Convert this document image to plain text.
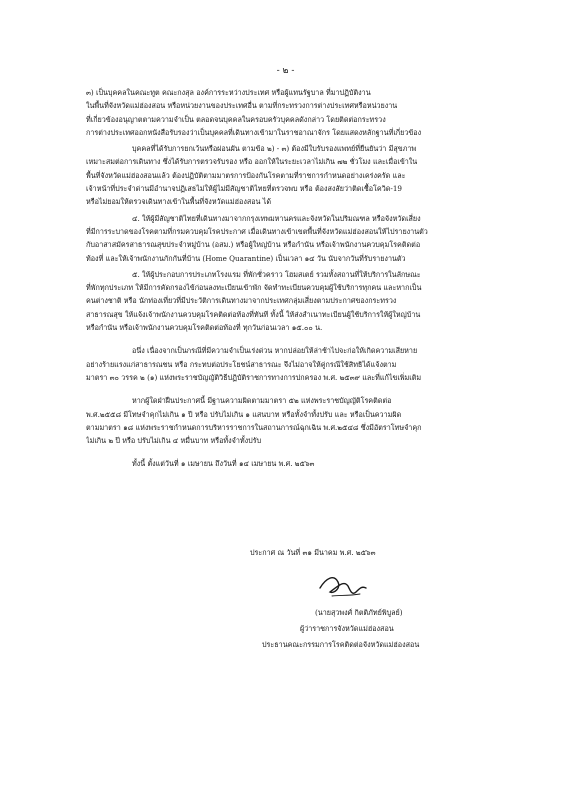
- ๒ -
๓) เป็นบุคคลในคณะทูต คณะกงสุล องค์การระหว่างประเทศ หรือผู้แทนรัฐบาล ที่มาปฏิบัติงาน
ในพื้นที่จังหวัดแม่ฮ่องสอน หรือหน่วยงานของประเทศอื่น ตามที่กระทรวงการต่างประเทศหรือหน่วยงาน
ที่เกี่ยวข้องอนุญาตตามความจำเป็น ตลอดจนบุคคลในครอบครัวบุคคลดังกล่าว โดยติดต่อกระทรวง
การต่างประเทศออกหนังสือรับรองว่าเป็นบุคคลที่เดินทางเข้ามาในราชอาณาจักร โดยแสดงหลักฐานที่เกี่ยวข้อง
บุคคลที่ได้รับการยกเว้นหรือผ่อนผัน ตามข้อ ๒) - ๓) ต้องมีใบรับรองแพทย์ที่ยืนยันว่า มีสุขภาพ
เหมาะสมต่อการเดินทาง ซึ่งได้รับการตรวจรับรอง หรือ ออกให้ในระยะเวลาไม่เกิน ๗๒ ชั่วโมง และเมื่อเข้าใน
พื้นที่จังหวัดแม่ฮ่องสอนแล้ว ต้องปฏิบัติตามมาตรการป้องกันโรคตามที่ราชการกำหนดอย่างเคร่งครัด และ
เจ้าหน้าที่ประจำด่านมีอำนาจปฏิเสธไม่ให้ผู้ไม่มีสัญชาติไทยที่ตรวจพบ หรือ ต้องสงสัยว่าติดเชื้อโควิด-19
หรือไม่ยอมให้ตรวจเดินทางเข้าในพื้นที่จังหวัดแม่ฮ่องสอน ได้
๔. ให้ผู้มีสัญชาติไทยที่เดินทางมาจากกรุงเทพมหานครและจังหวัดในปริมณฑล หรือจังหวัดเสี่ยง
ที่มีการระบาดของโรคตามที่กรมควบคุมโรคประกาศ เมื่อเดินทางเข้าเขตพื้นที่จังหวัดแม่ฮ่องสอนให้ไปรายงานตัว
กับอาสาสมัครสาธารณสุขประจำหมู่บ้าน (อสม.) หรือผู้ใหญ่บ้าน หรือกำนัน หรือเจ้าพนักงานควบคุมโรคติดต่อ
ท้องที่ และให้เจ้าพนักงานกักกันที่บ้าน (Home Quarantine) เป็นเวลา ๑๔ วัน นับจากวันที่รับรายงานตัว
๕. ให้ผู้ประกอบการประเภทโรงแรม ที่พักชั่วคราว โฮมสเตย์ รวมทั้งสถานที่ให้บริการในลักษณะ
ที่พักทุกประเภท ให้มีการคัดกรองไข้ก่อนลงทะเบียนเข้าพัก จัดทำทะเบียนควบคุมผู้ใช้บริการทุกคน และหากเป็น
คนต่างชาติ หรือ นักท่องเที่ยวที่มีประวัติการเดินทางมาจากประเทศกลุ่มเสี่ยงตามประกาศของกระทรวง
สาธารณสุข ให้แจ้งเจ้าพนักงานควบคุมโรคติดต่อท้องที่ทันที ทั้งนี้ ให้ส่งสำเนาทะเบียนผู้ใช้บริการให้ผู้ใหญ่บ้าน
หรือกำนัน หรือเจ้าพนักงานควบคุมโรคติดต่อท้องที่ ทุกวันก่อนเวลา ๑๕.๐๐ น.
อนึ่ง เนื่องจากเป็นกรณีที่มีความจำเป็นเร่งด่วน หากปล่อยให้ล่าช้าไปจะก่อให้เกิดความเสียหาย
อย่างร้ายแรงแก่สาธารณชน หรือ กระทบต่อประโยชน์สาธารณะ จึงไม่อาจให้คู่กรณีใช้สิทธิได้แจ้งตาม
มาตรา ๓๐ วรรค ๒ (๑) แห่งพระราชบัญญัติวิธีปฏิบัติราชการทางการปกครอง พ.ศ. ๒๕๓๙ และที่แก้ไขเพิ่มเติม
หากผู้ใดฝ่าฝืนประกาศนี้ มีฐานความผิดตามมาตรา ๕๒ แห่งพระราชบัญญัติโรคติดต่อ
พ.ศ.๒๕๕๘ มีโทษจำคุกไม่เกิน ๑ ปี หรือ ปรับไม่เกิน ๑ แสนบาท หรือทั้งจำทั้งปรับ และ หรือเป็นความผิด
ตามมาตรา ๑๘ แห่งพระราชกำหนดการบริหารราชการในสถานการณ์ฉุกเฉิน พ.ศ.๒๕๔๘ ซึ่งมีอัตราโทษจำคุก
ไม่เกิน ๒ ปี หรือ ปรับไม่เกิน ๔ หมื่นบาท หรือทั้งจำทั้งปรับ
ทั้งนี้ ตั้งแต่วันที่ ๑ เมษายน ถึงวันที่ ๑๔ เมษายน พ.ศ. ๒๕๖๓
ประกาศ ณ วันที่ ๓๑ มีนาคม พ.ศ. ๒๕๖๓
(นายสุวพงศ์ กิตติภัทย์พิบูลย์)
ผู้ว่าราชการจังหวัดแม่ฮ่องสอน
ประธานคณะกรรมการโรคติดต่อจังหวัดแม่ฮ่องสอน
